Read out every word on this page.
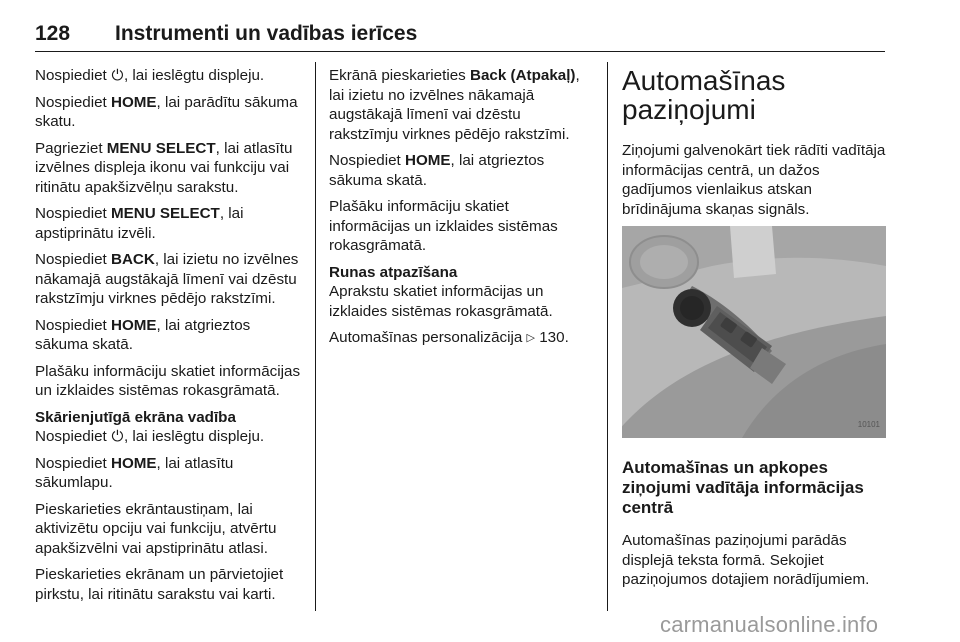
128 Instrumenti un vadības ierīces

Nospiediet ⏻, lai ieslēgtu displeju.

Nospiediet HOME, lai parādītu sākuma skatu.

Pagrieziet MENU SELECT, lai atlasītu izvēlnes displeja ikonu vai funkciju vai ritinātu apakšizvēlņu sarakstu.

Nospiediet MENU SELECT, lai apstiprinātu izvēli.

Nospiediet BACK, lai izietu no izvēlnes nākamajā augstākajā līmenī vai dzēstu rakstzīmju virknes pēdējo rakstzīmi.

Nospiediet HOME, lai atgrieztos sākuma skatā.

Plašāku informāciju skatiet informācijas un izklaides sistēmas rokasgrāmatā.

Skārienjutīgā ekrāna vadība

Nospiediet ⏻, lai ieslēgtu displeju.

Nospiediet HOME, lai atlasītu sākumlapu.

Pieskarieties ekrāntaustiņam, lai aktivizētu opciju vai funkciju, atvērtu apakšizvēlni vai apstiprinātu atlasi.

Pieskarieties ekrānam un pārvietojiet pirkstu, lai ritinātu sarakstu vai karti.

Ekrānā pieskarieties Back (Atpakaļ), lai izietu no izvēlnes nākamajā augstākajā līmenī vai dzēstu rakstzīmju virknes pēdējo rakstzīmi.

Nospiediet HOME, lai atgrieztos sākuma skatā.

Plašāku informāciju skatiet informācijas un izklaides sistēmas rokasgrāmatā.

Runas atpazīšana

Aprakstu skatiet informācijas un izklaides sistēmas rokasgrāmatā.

Automašīnas personalizācija ▷ 130.

Automašīnas paziņojumi

Ziņojumi galvenokārt tiek rādīti vadītāja informācijas centrā, un dažos gadījumos vienlaikus atskan brīdinājuma skaņas signāls.

10101

Automašīnas un apkopes ziņojumi vadītāja informācijas centrā

Automašīnas paziņojumi parādās displejā teksta formā. Sekojiet paziņojumos dotajiem norādījumiem.

carmanualsonline.info
